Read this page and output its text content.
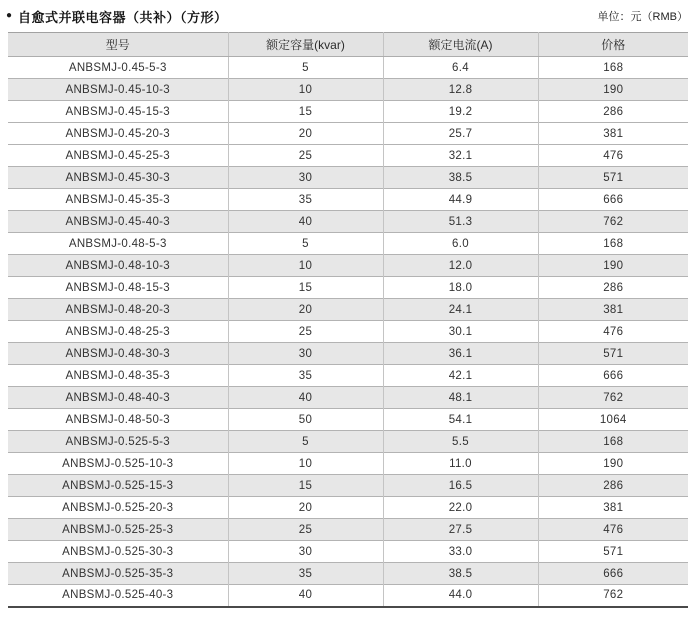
● 自愈式并联电容器（共补）（方形）	单位：元（RMB）
型号	额定容量(kvar)	额定电流(A)	价格
ANBSMJ-0.45-5-3	5	6.4	168
ANBSMJ-0.45-10-3	10	12.8	190
ANBSMJ-0.45-15-3	15	19.2	286
ANBSMJ-0.45-20-3	20	25.7	381
ANBSMJ-0.45-25-3	25	32.1	476
ANBSMJ-0.45-30-3	30	38.5	571
ANBSMJ-0.45-35-3	35	44.9	666
ANBSMJ-0.45-40-3	40	51.3	762
ANBSMJ-0.48-5-3	5	6.0	168
ANBSMJ-0.48-10-3	10	12.0	190
ANBSMJ-0.48-15-3	15	18.0	286
ANBSMJ-0.48-20-3	20	24.1	381
ANBSMJ-0.48-25-3	25	30.1	476
ANBSMJ-0.48-30-3	30	36.1	571
ANBSMJ-0.48-35-3	35	42.1	666
ANBSMJ-0.48-40-3	40	48.1	762
ANBSMJ-0.48-50-3	50	54.1	1064
ANBSMJ-0.525-5-3	5	5.5	168
ANBSMJ-0.525-10-3	10	11.0	190
ANBSMJ-0.525-15-3	15	16.5	286
ANBSMJ-0.525-20-3	20	22.0	381
ANBSMJ-0.525-25-3	25	27.5	476
ANBSMJ-0.525-30-3	30	33.0	571
ANBSMJ-0.525-35-3	35	38.5	666
ANBSMJ-0.525-40-3	40	44.0	762
